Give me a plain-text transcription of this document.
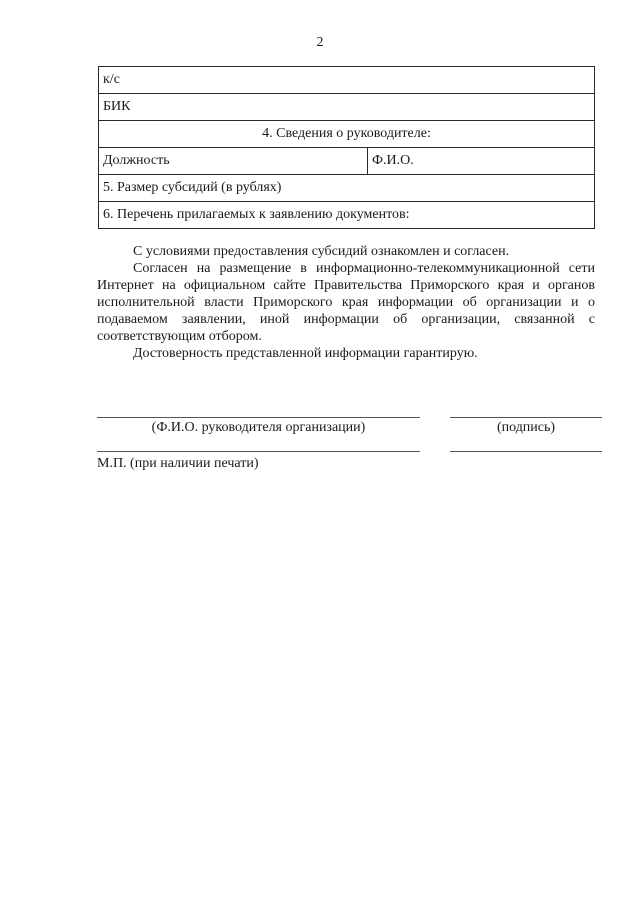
2
к/с
БИК
4. Сведения о руководителе:
Должность	Ф.И.О.
5. Размер субсидий (в рублях)
6. Перечень прилагаемых к заявлению документов:

С условиями предоставления субсидий ознакомлен и согласен.

Согласен на размещение в информационно-телекоммуникационной сети Интернет на официальном сайте Правительства Приморского края и органов исполнительной власти Приморского края информации об организации и о подаваемом заявлении, иной информации об организации, связанной с соответствующим отбором.

Достоверность представленной информации гарантирую.

(Ф.И.О. руководителя организации)	(подпись)
М.П. (при наличии печати)
